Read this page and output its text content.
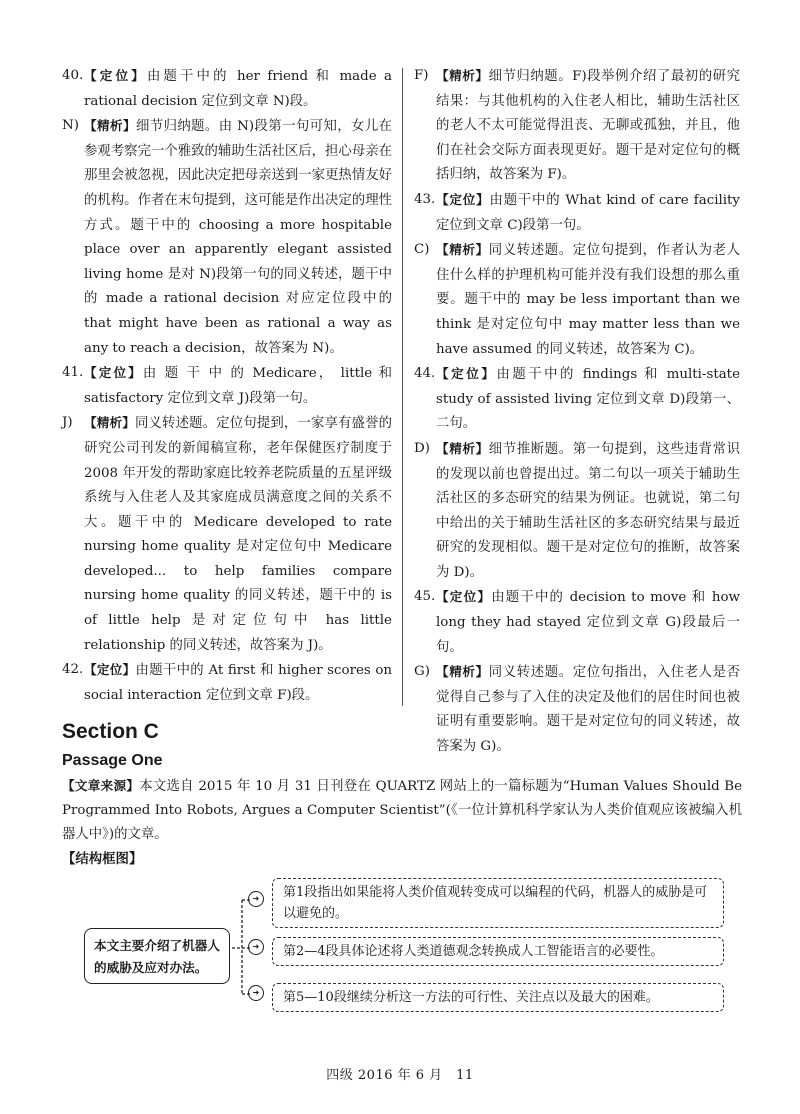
40. 【定位】由题干中的 her friend 和 made a rational decision 定位到文章 N)段。
N) 【精析】细节归纳题。由 N)段第一句可知，女儿在参观考察完一个雅致的辅助生活社区后，担心母亲在那里会被忽视，因此决定把母亲送到一家更热情友好的机构。作者在末句提到，这可能是作出决定的理性方式。题干中的 choosing a more hospitable place over an apparently elegant assisted living home 是对 N)段第一句的同义转述，题干中的 made a rational decision 对应定位段中的 that might have been as rational a way as any to reach a decision，故答案为 N)。
41. 【定位】由 题 干 中 的 Medicare， little 和 satisfactory 定位到文章 J)段第一句。
J) 【精析】同义转述题。定位句提到，一家享有盛誉的研究公司刊发的新闻稿宣称，老年保健医疗制度于 2008 年开发的帮助家庭比较养老院质量的五星评级系统与入住老人及其家庭成员满意度之间的关系不大。题干中的 Medicare developed to rate nursing home quality 是对定位句中 Medicare developed... to help families compare nursing home quality 的同义转述，题干中的 is of little help 是对定位句中 has little relationship 的同义转述，故答案为 J)。
42. 【定位】由题干中的 At first 和 higher scores on social interaction 定位到文章 F)段。
F) 【精析】细节归纳题。F)段举例介绍了最初的研究结果：与其他机构的入住老人相比，辅助生活社区的老人不太可能觉得沮丧、无聊或孤独，并且，他们在社会交际方面表现更好。题干是对定位句的概括归纳，故答案为 F)。
43. 【定位】由题干中的 What kind of care facility 定位到文章 C)段第一句。
C) 【精析】同义转述题。定位句提到，作者认为老人住什么样的护理机构可能并没有我们设想的那么重要。题干中的 may be less important than we think 是对定位句中 may matter less than we have assumed 的同义转述，故答案为 C)。
44. 【定位】由题干中的 findings 和 multi-state study of assisted living 定位到文章 D)段第一、二句。
D) 【精析】细节推断题。第一句提到，这些违背常识的发现以前也曾提出过。第二句以一项关于辅助生活社区的多态研究的结果为例证。也就说，第二句中给出的关于辅助生活社区的多态研究结果与最近研究的发现相似。题干是对定位句的推断，故答案为 D)。
45. 【定位】由题干中的 decision to move 和 how long they had stayed 定位到文章 G)段最后一句。
G) 【精析】同义转述题。定位句指出，入住老人是否觉得自己参与了入住的决定及他们的居住时间也被证明有重要影响。题干是对定位句的同义转述，故答案为 G)。
Section C
Passage One
【文章来源】本文选自 2015 年 10 月 31 日刊登在 QUARTZ 网站上的一篇标题为“Human Values Should Be Programmed Into Robots, Argues a Computer Scientist”(《一位计算机科学家认为人类价值观应该被编入机器人中》)的文章。
【结构框图】
本文主要介绍了机器人的威胁及应对办法。
➜
➜
➜
第1段指出如果能将人类价值观转变成可以编程的代码，机器人的威胁是可以避免的。
第2—4段具体论述将人类道德观念转换成人工智能语言的必要性。
第5—10段继续分析这一方法的可行性、关注点以及最大的困难。
四级 2016 年 6 月　11
